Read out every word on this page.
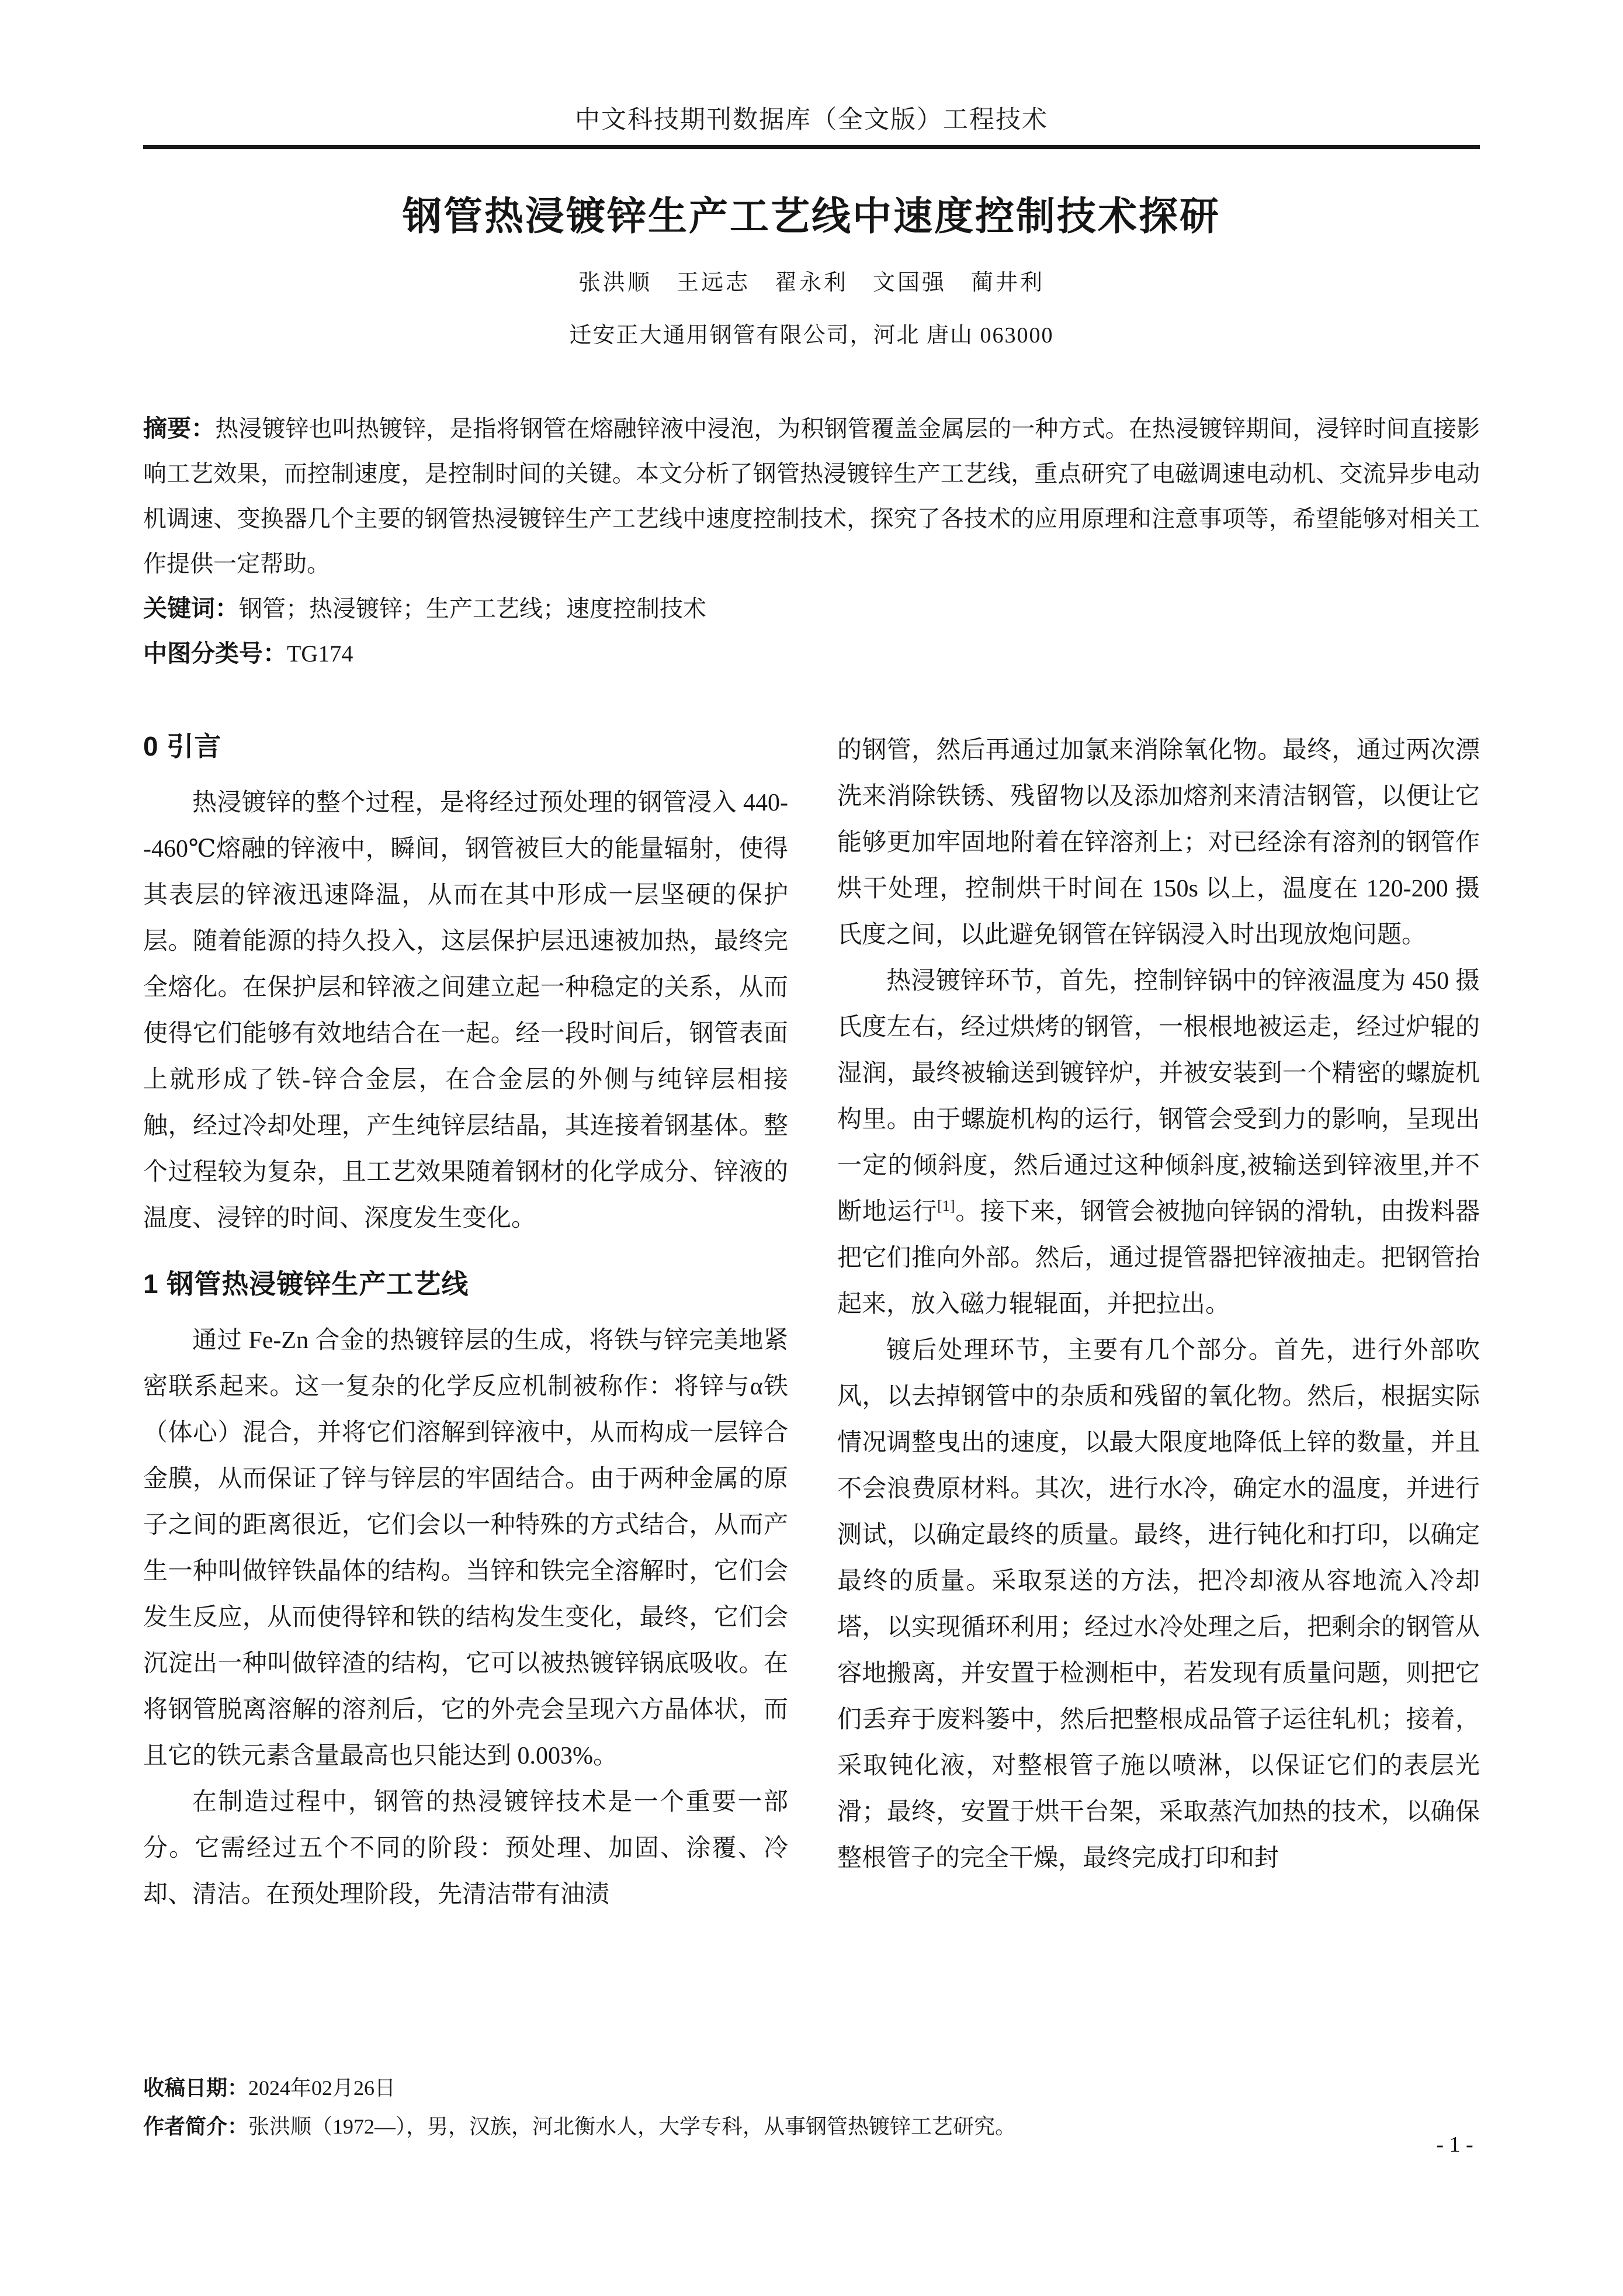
中文科技期刊数据库（全文版）工程技术
钢管热浸镀锌生产工艺线中速度控制技术探研
张洪顺　王远志　翟永利　文国强　蔺井利
迁安正大通用钢管有限公司，河北 唐山 063000

摘要：热浸镀锌也叫热镀锌，是指将钢管在熔融锌液中浸泡，为积钢管覆盖金属层的一种方式。在热浸镀锌期间，浸锌时间直接影响工艺效果，而控制速度，是控制时间的关键。本文分析了钢管热浸镀锌生产工艺线，重点研究了电磁调速电动机、交流异步电动机调速、变换器几个主要的钢管热浸镀锌生产工艺线中速度控制技术，探究了各技术的应用原理和注意事项等，希望能够对相关工作提供一定帮助。

关键词：钢管；热浸镀锌；生产工艺线；速度控制技术

中图分类号：TG174

0 引言

热浸镀锌的整个过程，是将经过预处理的钢管浸入 440--460℃熔融的锌液中，瞬间，钢管被巨大的能量辐射，使得其表层的锌液迅速降温，从而在其中形成一层坚硬的保护层。随着能源的持久投入，这层保护层迅速被加热，最终完全熔化。在保护层和锌液之间建立起一种稳定的关系，从而使得它们能够有效地结合在一起。经一段时间后，钢管表面上就形成了铁-锌合金层，在合金层的外侧与纯锌层相接触，经过冷却处理，产生纯锌层结晶，其连接着钢基体。整个过程较为复杂，且工艺效果随着钢材的化学成分、锌液的温度、浸锌的时间、深度发生变化。

1 钢管热浸镀锌生产工艺线

通过 Fe-Zn 合金的热镀锌层的生成，将铁与锌完美地紧密联系起来。这一复杂的化学反应机制被称作：将锌与α铁（体心）混合，并将它们溶解到锌液中，从而构成一层锌合金膜，从而保证了锌与锌层的牢固结合。由于两种金属的原子之间的距离很近，它们会以一种特殊的方式结合，从而产生一种叫做锌铁晶体的结构。当锌和铁完全溶解时，它们会发生反应，从而使得锌和铁的结构发生变化，最终，它们会沉淀出一种叫做锌渣的结构，它可以被热镀锌锅底吸收。在将钢管脱离溶解的溶剂后，它的外壳会呈现六方晶体状，而且它的铁元素含量最高也只能达到 0.003%。

在制造过程中，钢管的热浸镀锌技术是一个重要一部分。它需经过五个不同的阶段：预处理、加固、涂覆、冷却、清洁。在预处理阶段，先清洁带有油渍

的钢管，然后再通过加氯来消除氧化物。最终，通过两次漂洗来消除铁锈、残留物以及添加熔剂来清洁钢管，以便让它能够更加牢固地附着在锌溶剂上；对已经涂有溶剂的钢管作烘干处理，控制烘干时间在 150s 以上，温度在 120-200 摄氏度之间，以此避免钢管在锌锅浸入时出现放炮问题。

热浸镀锌环节，首先，控制锌锅中的锌液温度为 450 摄氏度左右，经过烘烤的钢管，一根根地被运走，经过炉辊的湿润，最终被输送到镀锌炉，并被安装到一个精密的螺旋机构里。由于螺旋机构的运行，钢管会受到力的影响，呈现出一定的倾斜度，然后通过这种倾斜度,被输送到锌液里,并不断地运行[1]。接下来，钢管会被抛向锌锅的滑轨，由拨料器把它们推向外部。然后，通过提管器把锌液抽走。把钢管抬起来，放入磁力辊辊面，并把拉出。

镀后处理环节，主要有几个部分。首先，进行外部吹风，以去掉钢管中的杂质和残留的氧化物。然后，根据实际情况调整曳出的速度，以最大限度地降低上锌的数量，并且不会浪费原材料。其次，进行水冷，确定水的温度，并进行测试，以确定最终的质量。最终，进行钝化和打印，以确定最终的质量。采取泵送的方法，把冷却液从容地流入冷却塔，以实现循环利用；经过水冷处理之后，把剩余的钢管从容地搬离，并安置于检测柜中，若发现有质量问题，则把它们丢弃于废料篓中，然后把整根成品管子运往轧机；接着，采取钝化液，对整根管子施以喷淋，以保证它们的表层光滑；最终，安置于烘干台架，采取蒸汽加热的技术，以确保整根管子的完全干燥，最终完成打印和封

收稿日期：2024年02月26日
作者简介：张洪顺（1972—），男，汉族，河北衡水人，大学专科，从事钢管热镀锌工艺研究。
- 1 -
